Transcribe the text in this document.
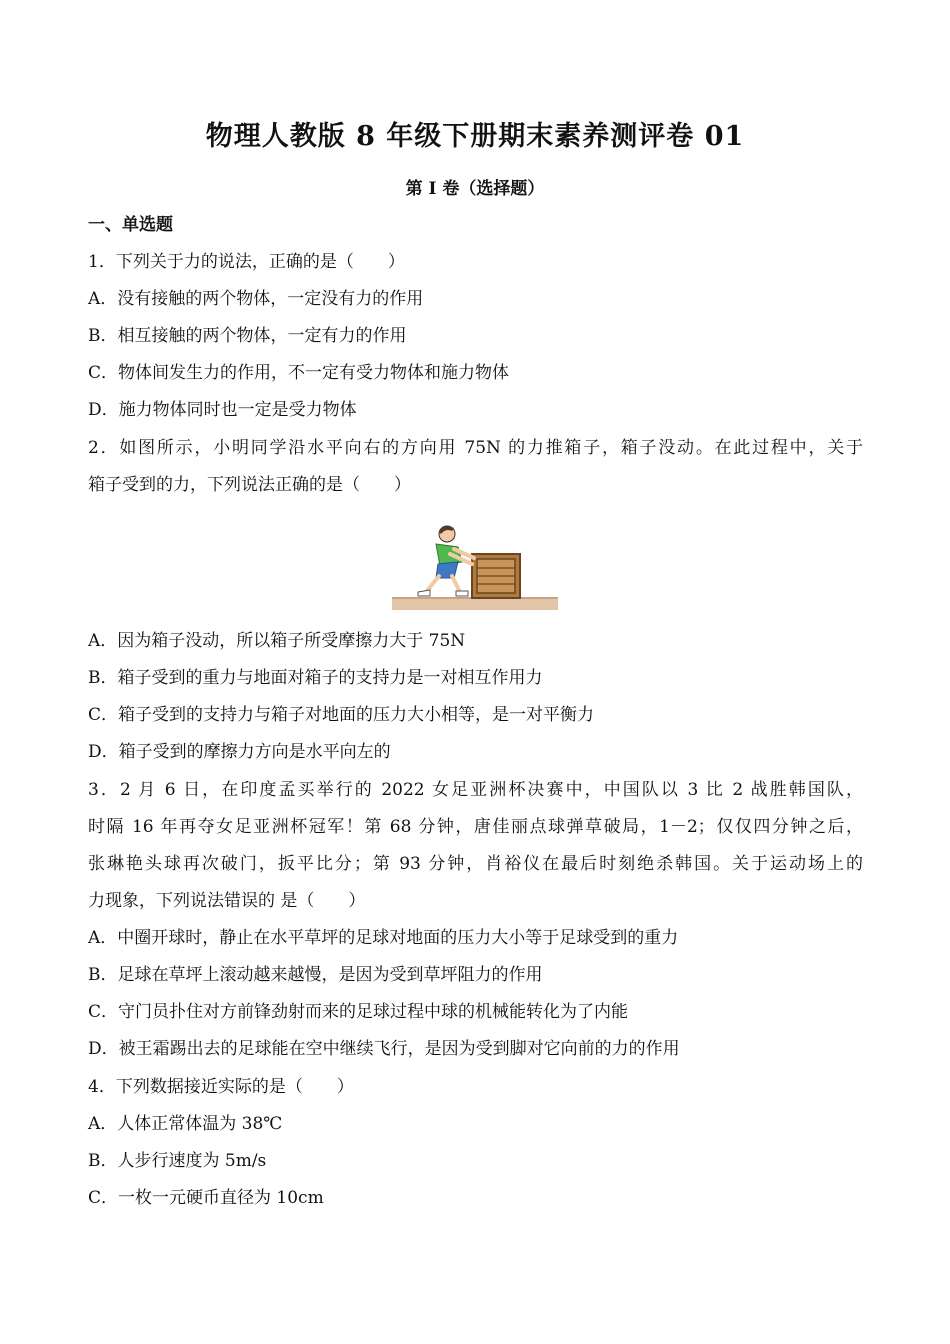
物理人教版 8 年级下册期末素养测评卷 01
第 I 卷（选择题）
一、单选题
1．下列关于力的说法，正确的是（　　）
A．没有接触的两个物体，一定没有力的作用
B．相互接触的两个物体，一定有力的作用
C．物体间发生力的作用，不一定有受力物体和施力物体
D．施力物体同时也一定是受力物体
2．如图所示，小明同学沿水平向右的方向用 75N 的力推箱子，箱子没动。在此过程中，关于
箱子受到的力，下列说法正确的是（　　）
A．因为箱子没动，所以箱子所受摩擦力大于 75N
B．箱子受到的重力与地面对箱子的支持力是一对相互作用力
C．箱子受到的支持力与箱子对地面的压力大小相等，是一对平衡力
D．箱子受到的摩擦力方向是水平向左的
3．2 月 6 日，在印度孟买举行的 2022 女足亚洲杯决赛中，中国队以 3 比 2 战胜韩国队，
时隔 16 年再夺女足亚洲杯冠军！第 68 分钟，唐佳丽点球弹草破局，1－2；仅仅四分钟之后，
张琳艳头球再次破门，扳平比分；第 93 分钟，肖裕仪在最后时刻绝杀韩国。关于运动场上的
力现象，下列说法错误的 是（　　）
A．中圈开球时，静止在水平草坪的足球对地面的压力大小等于足球受到的重力
B．足球在草坪上滚动越来越慢，是因为受到草坪阻力的作用
C．守门员扑住对方前锋劲射而来的足球过程中球的机械能转化为了内能
D．被王霜踢出去的足球能在空中继续飞行，是因为受到脚对它向前的力的作用
4．下列数据接近实际的是（　　）
A．人体正常体温为 38℃
B．人步行速度为 5m/s
C．一枚一元硬币直径为 10cm
